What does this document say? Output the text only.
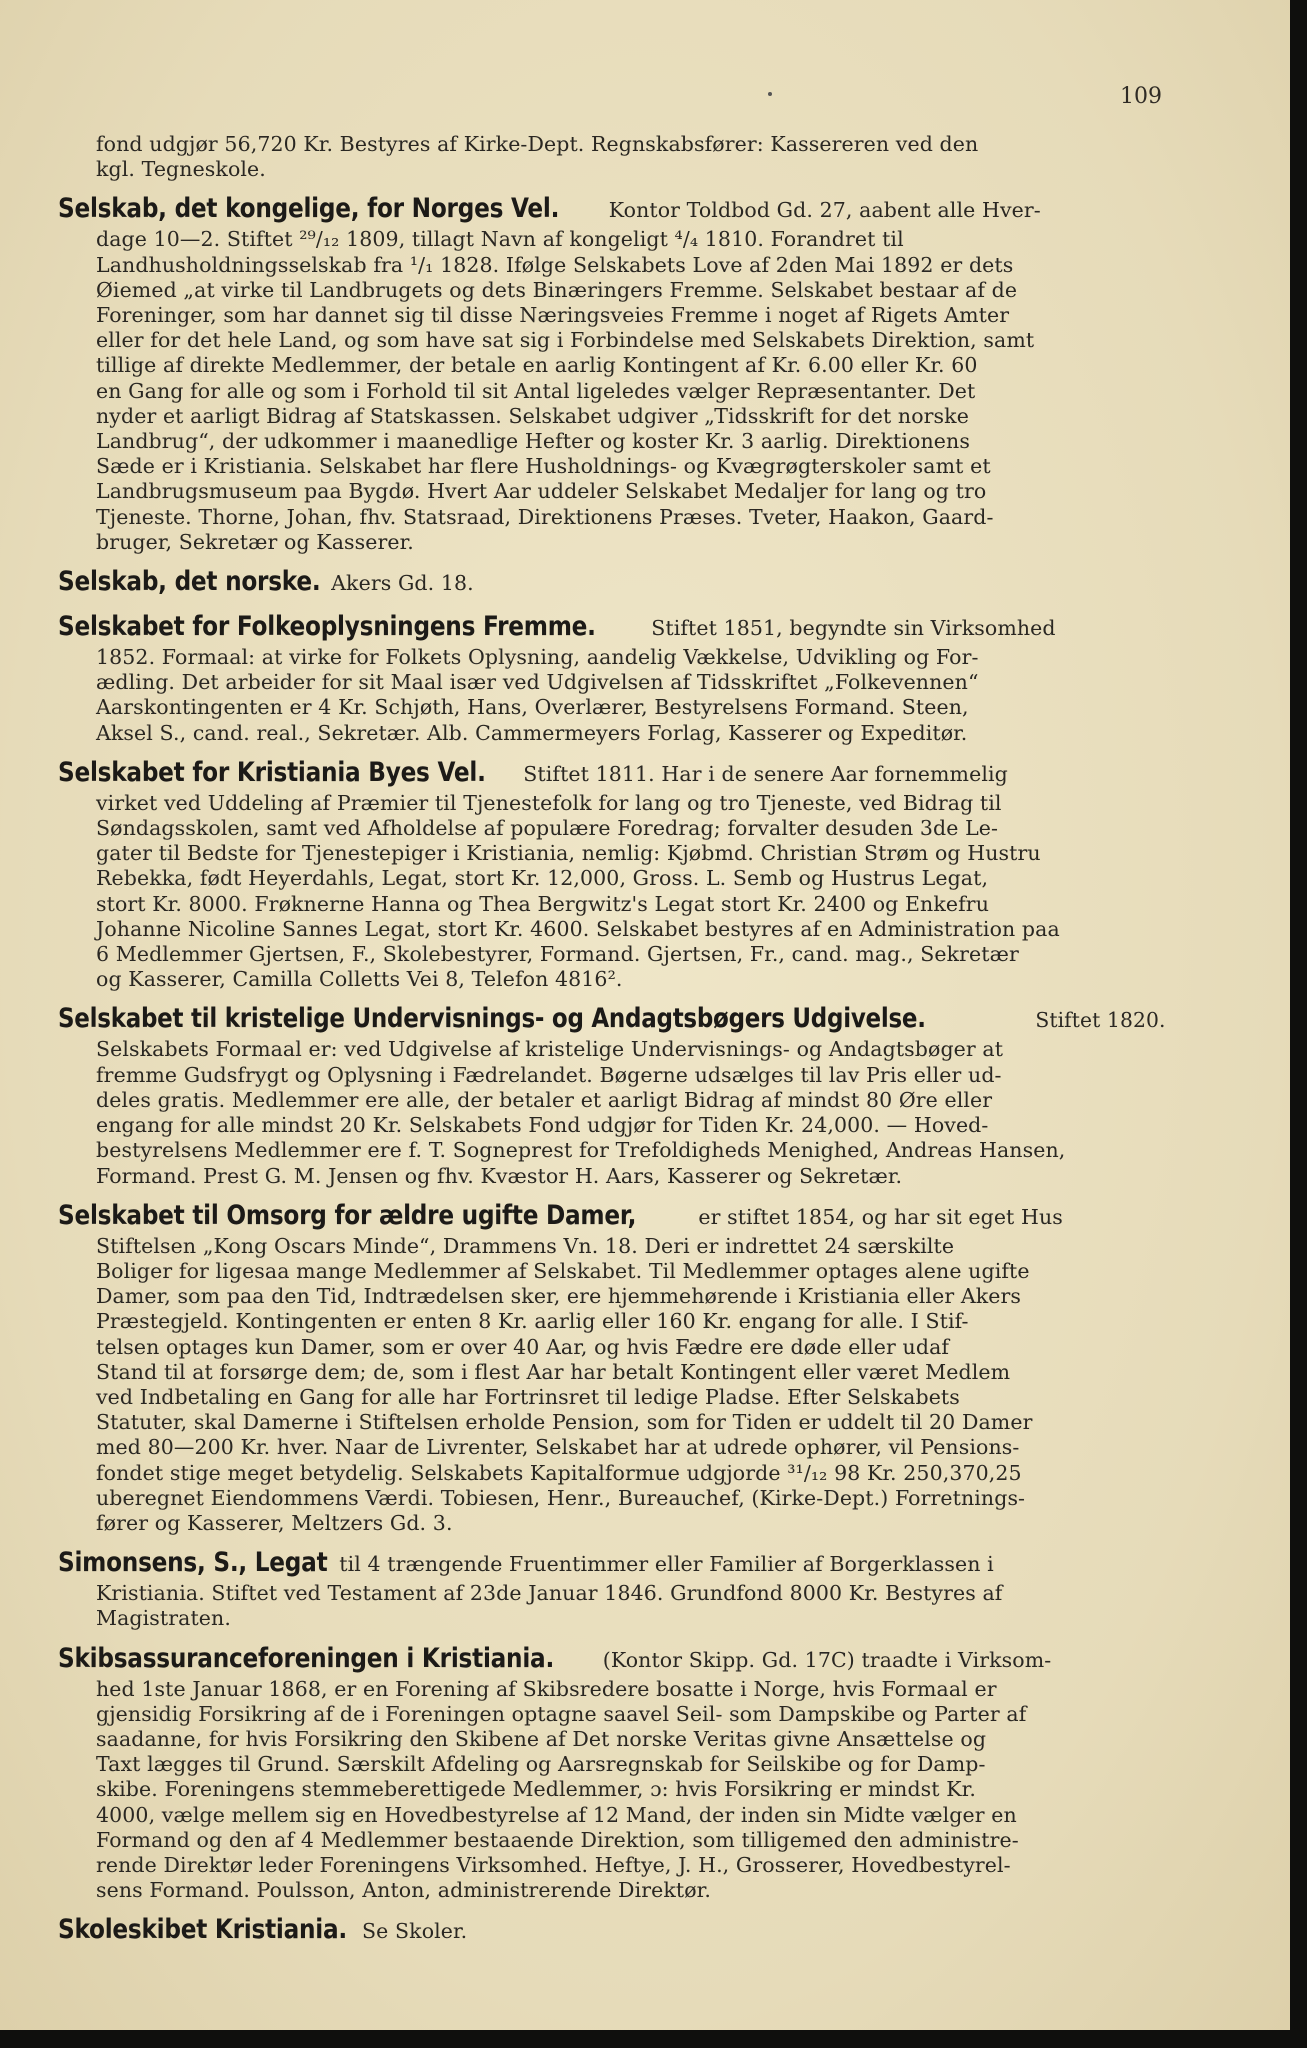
109
fond udgjør 56,720 Kr. Bestyres af Kirke-Dept. Regnskabsfører: Kassereren ved den
kgl. Tegneskole.
Selskab, det kongelige, for Norges Vel. Kontor Toldbod Gd. 27, aabent alle Hver-
dage 10—2. Stiftet ²⁹/₁₂ 1809, tillagt Navn af kongeligt ⁴/₄ 1810. Forandret til
Landhusholdningsselskab fra ¹/₁ 1828. Ifølge Selskabets Love af 2den Mai 1892 er dets
Øiemed „at virke til Landbrugets og dets Binæringers Fremme. Selskabet bestaar af de
Foreninger, som har dannet sig til disse Næringsveies Fremme i noget af Rigets Amter
eller for det hele Land, og som have sat sig i Forbindelse med Selskabets Direktion, samt
tillige af direkte Medlemmer, der betale en aarlig Kontingent af Kr. 6.00 eller Kr. 60
en Gang for alle og som i Forhold til sit Antal ligeledes vælger Repræsentanter. Det
nyder et aarligt Bidrag af Statskassen. Selskabet udgiver „Tidsskrift for det norske
Landbrug“, der udkommer i maanedlige Hefter og koster Kr. 3 aarlig. Direktionens
Sæde er i Kristiania. Selskabet har flere Husholdnings- og Kvægrøgterskoler samt et
Landbrugsmuseum paa Bygdø. Hvert Aar uddeler Selskabet Medaljer for lang og tro
Tjeneste. Thorne, Johan, fhv. Statsraad, Direktionens Præses. Tveter, Haakon, Gaard-
bruger, Sekretær og Kasserer.
Selskab, det norske. Akers Gd. 18.
Selskabet for Folkeoplysningens Fremme.	Stiftet 1851, begyndte sin Virksomhed
1852. Formaal: at virke for Folkets Oplysning, aandelig Vækkelse, Udvikling og For-
ædling. Det arbeider for sit Maal især ved Udgivelsen af Tidsskriftet „Folkevennen“
Aarskontingenten er 4 Kr. Schjøth, Hans, Overlærer, Bestyrelsens Formand. Steen,
Aksel S., cand. real., Sekretær. Alb. Cammermeyers Forlag, Kasserer og Expeditør.
Selskabet for Kristiania Byes Vel. Stiftet 1811. Har i de senere Aar fornemmelig
virket ved Uddeling af Præmier til Tjenestefolk for lang og tro Tjeneste, ved Bidrag til
Søndagsskolen, samt ved Afholdelse af populære Foredrag; forvalter desuden 3de Le-
gater til Bedste for Tjenestepiger i Kristiania, nemlig: Kjøbmd. Christian Strøm og Hustru
Rebekka, født Heyerdahls, Legat, stort Kr. 12,000, Gross. L. Semb og Hustrus Legat,
stort Kr. 8000. Frøknerne Hanna og Thea Bergwitz's Legat stort Kr. 2400 og Enkefru
Johanne Nicoline Sannes Legat, stort Kr. 4600. Selskabet bestyres af en Administration paa
6 Medlemmer Gjertsen, F., Skolebestyrer, Formand. Gjertsen, Fr., cand. mag., Sekretær
og Kasserer, Camilla Colletts Vei 8, Telefon 4816².
Selskabet til kristelige Undervisnings- og Andagtsbøgers Udgivelse.	Stiftet 1820.
Selskabets Formaal er: ved Udgivelse af kristelige Undervisnings- og Andagtsbøger at
fremme Gudsfrygt og Oplysning i Fædrelandet. Bøgerne udsælges til lav Pris eller ud-
deles gratis. Medlemmer ere alle, der betaler et aarligt Bidrag af mindst 80 Øre eller
engang for alle mindst 20 Kr. Selskabets Fond udgjør for Tiden Kr. 24,000. — Hoved-
bestyrelsens Medlemmer ere f. T. Sogneprest for Trefoldigheds Menighed, Andreas Hansen,
Formand. Prest G. M. Jensen og fhv. Kvæstor H. Aars, Kasserer og Sekretær.
Selskabet til Omsorg for ældre ugifte Damer,	er stiftet 1854, og har sit eget Hus
Stiftelsen „Kong Oscars Minde“, Drammens Vn. 18. Deri er indrettet 24 særskilte
Boliger for ligesaa mange Medlemmer af Selskabet. Til Medlemmer optages alene ugifte
Damer, som paa den Tid, Indtrædelsen sker, ere hjemmehørende i Kristiania eller Akers
Præstegjeld. Kontingenten er enten 8 Kr. aarlig eller 160 Kr. engang for alle. I Stif-
telsen optages kun Damer, som er over 40 Aar, og hvis Fædre ere døde eller udaf
Stand til at forsørge dem; de, som i flest Aar har betalt Kontingent eller været Medlem
ved Indbetaling en Gang for alle har Fortrinsret til ledige Pladse. Efter Selskabets
Statuter, skal Damerne i Stiftelsen erholde Pension, som for Tiden er uddelt til 20 Damer
med 80—200 Kr. hver. Naar de Livrenter, Selskabet har at udrede ophører, vil Pensions-
fondet stige meget betydelig. Selskabets Kapitalformue udgjorde ³¹/₁₂ 98 Kr. 250,370,25
uberegnet Eiendommens Værdi. Tobiesen, Henr., Bureauchef, (Kirke-Dept.) Forretnings-
fører og Kasserer, Meltzers Gd. 3.
Simonsens, S., Legat til 4 trængende Fruentimmer eller Familier af Borgerklassen i
Kristiania. Stiftet ved Testament af 23de Januar 1846. Grundfond 8000 Kr. Bestyres af
Magistraten.
Skibsassuranceforeningen i Kristiania. (Kontor Skipp. Gd. 17C) traadte i Virksom-
hed 1ste Januar 1868, er en Forening af Skibsredere bosatte i Norge, hvis Formaal er
gjensidig Forsikring af de i Foreningen optagne saavel Seil- som Dampskibe og Parter af
saadanne, for hvis Forsikring den Skibene af Det norske Veritas givne Ansættelse og
Taxt lægges til Grund. Særskilt Afdeling og Aarsregnskab for Seilskibe og for Damp-
skibe. Foreningens stemmeberettigede Medlemmer, ɔ: hvis Forsikring er mindst Kr.
4000, vælge mellem sig en Hovedbestyrelse af 12 Mand, der inden sin Midte vælger en
Formand og den af 4 Medlemmer bestaaende Direktion, som tilligemed den administre-
rende Direktør leder Foreningens Virksomhed. Heftye, J. H., Grosserer, Hovedbestyrel-
sens Formand. Poulsson, Anton, administrerende Direktør.
Skoleskibet Kristiania. Se Skoler.
